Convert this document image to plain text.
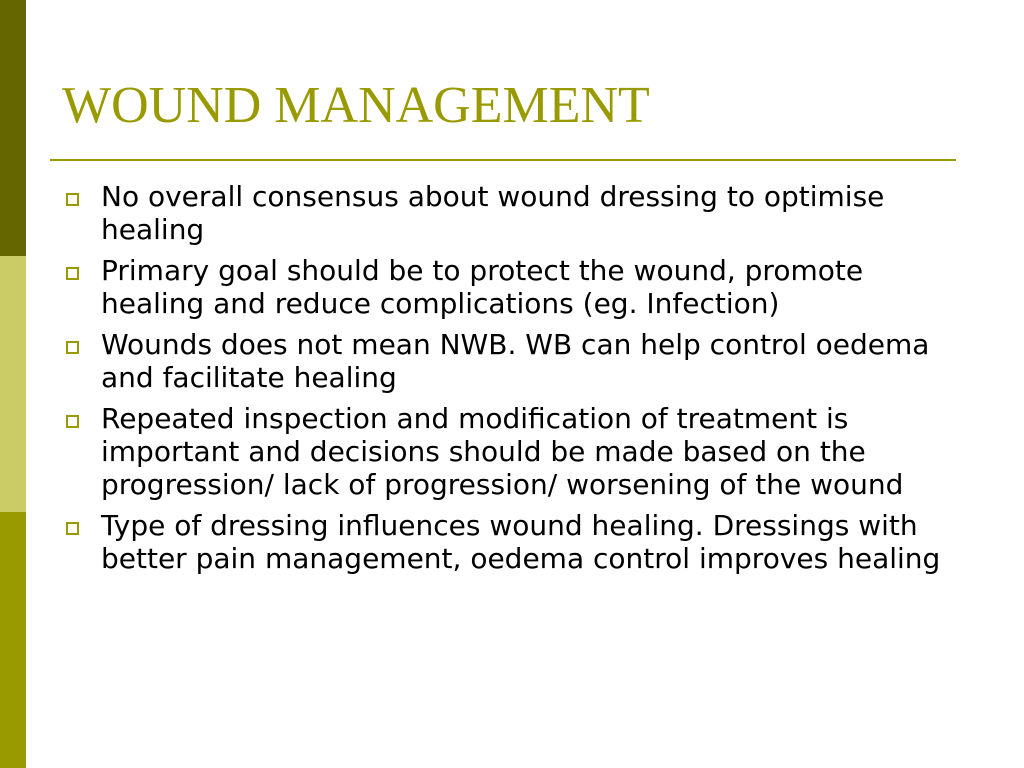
WOUND MANAGEMENT
No overall consensus about wound dressing to optimise healing
Primary goal should be to protect the wound, promote healing and reduce complications (eg. Infection)
Wounds does not mean NWB. WB can help control oedema and facilitate healing
Repeated inspection and modification of treatment is important and decisions should be made based on the progression/ lack of progression/ worsening of the wound
Type of dressing influences wound healing. Dressings with better pain management, oedema control improves healing
